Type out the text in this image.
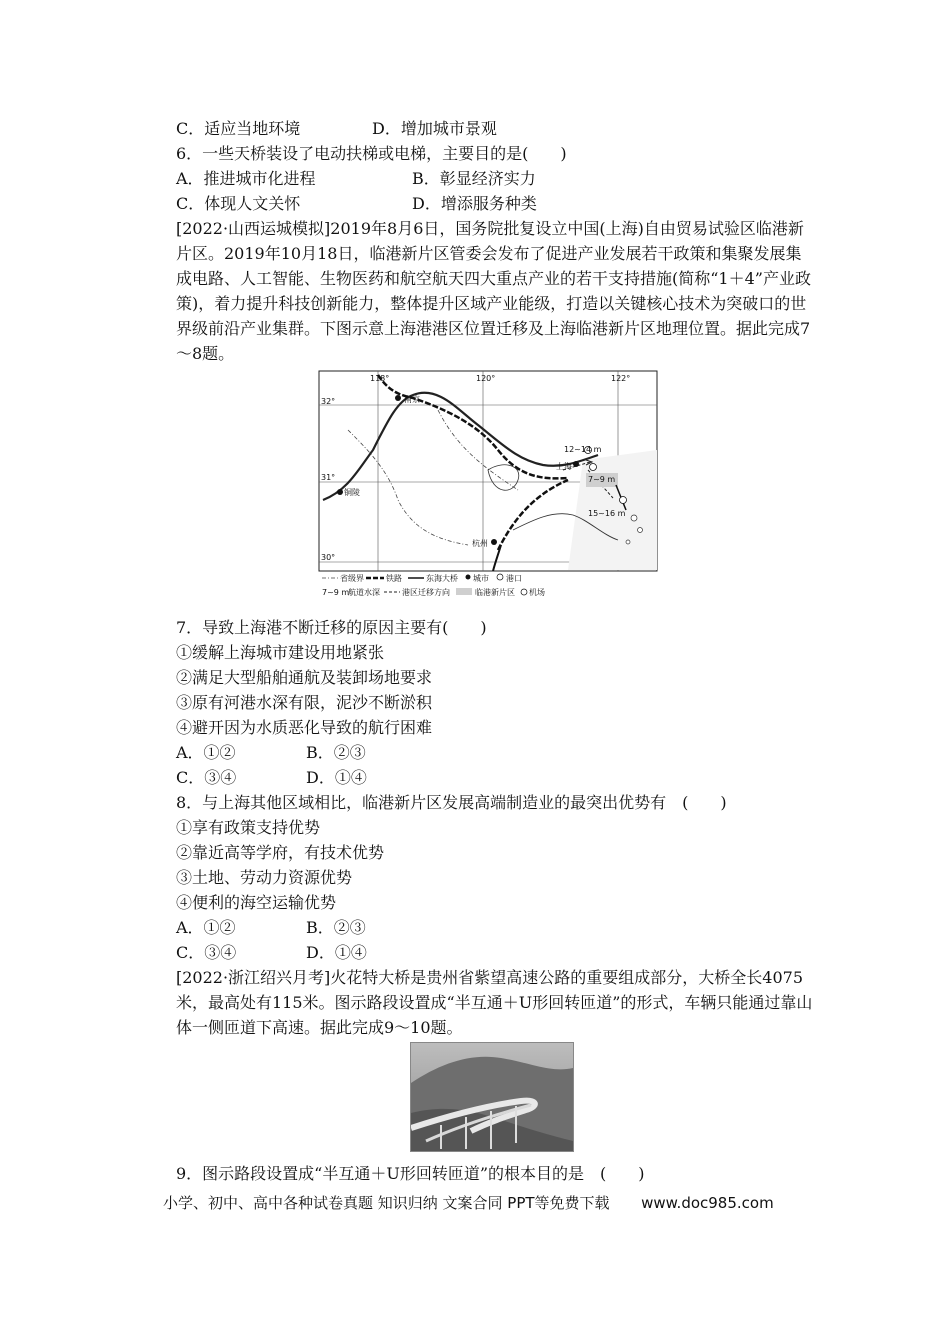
C．适应当地环境	D．增加城市景观
6．一些天桥装设了电动扶梯或电梯，主要目的是(　　)
A．推进城市化进程	B．彰显经济实力
C．体现人文关怀	D．增添服务种类
[2022·山西运城模拟]2019年8月6日，国务院批复设立中国(上海)自由贸易试验区临港新片区。2019年10月18日，临港新片区管委会发布了促进产业发展若干政策和集聚发展集成电路、人工智能、生物医药和航空航天四大重点产业的若干支持措施(简称“1＋4”产业政策)，着力提升科技创新能力，整体提升区域产业能级，打造以关键核心技术为突破口的世界级前沿产业集群。下图示意上海港港区位置迁移及上海临港新片区地理位置。据此完成7～8题。
118°	120°	122°
32°
31°
30°
南京
上海
杭州
铜陵
12~14 m
7~9 m
15~16 m
省级界	铁路	东海大桥 城市 港口
7~9 m
航道水深	港区迁移方向	临港新片区 机场
7．导致上海港不断迁移的原因主要有(　　)
①缓解上海城市建设用地紧张
②满足大型船舶通航及装卸场地要求
③原有河港水深有限，泥沙不断淤积
④避开因为水质恶化导致的航行困难
A．①②	B．②③
C．③④	D．①④
8．与上海其他区域相比，临港新片区发展高端制造业的最突出优势有　(　　)
①享有政策支持优势
②靠近高等学府，有技术优势
③土地、劳动力资源优势
④便利的海空运输优势
A．①②	B．②③
C．③④	D．①④
[2022·浙江绍兴月考]火花特大桥是贵州省紫望高速公路的重要组成部分，大桥全长4075米，最高处有115米。图示路段设置成“半互通＋U形回转匝道”的形式，车辆只能通过靠山体一侧匝道下高速。据此完成9～10题。
9．图示路段设置成“半互通＋U形回转匝道”的根本目的是　(　　)
小学、初中、高中各种试卷真题 知识归纳 文案合同 PPT等免费下载 www.doc985.com
